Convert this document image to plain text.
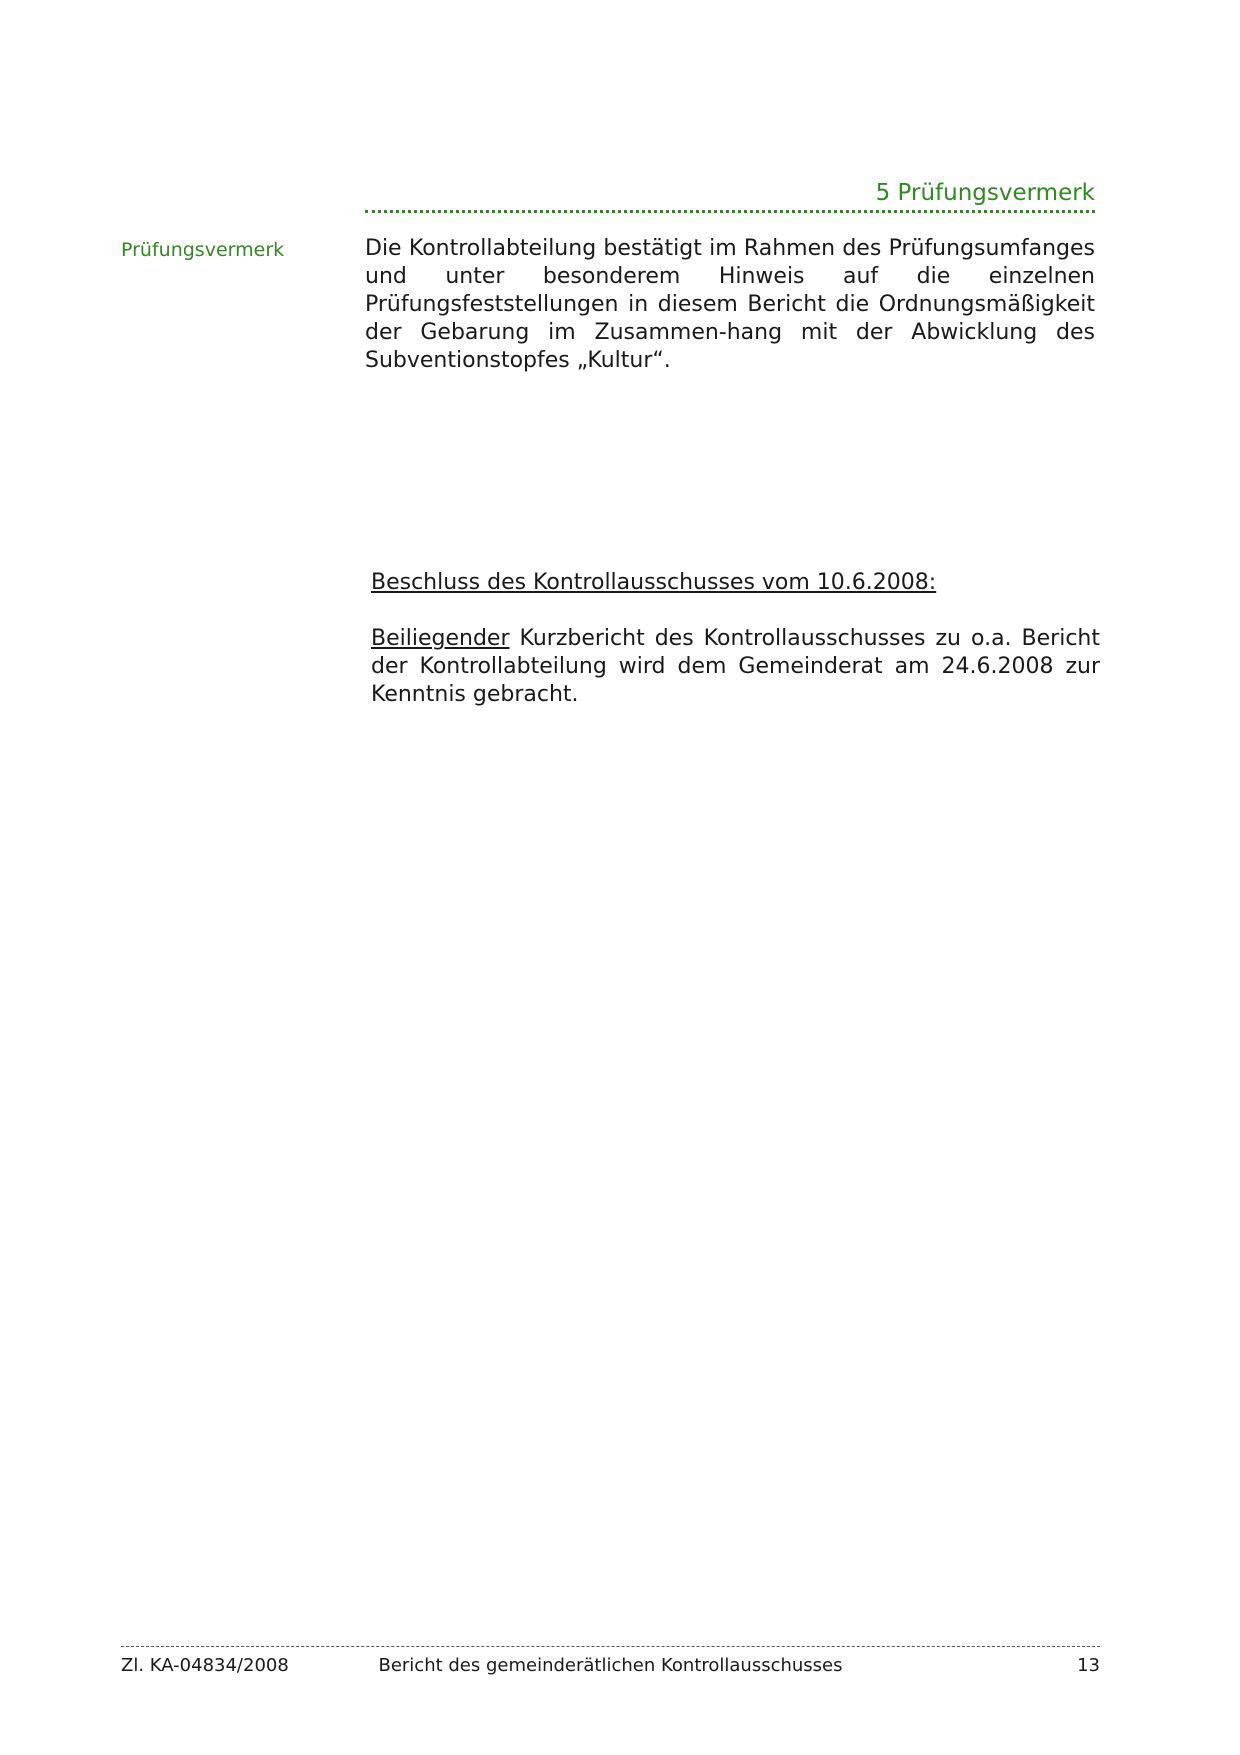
5 Prüfungsvermerk
Prüfungsvermerk	Die Kontrollabteilung bestätigt im Rahmen des Prüfungsumfanges und unter besonderem Hinweis auf die einzelnen Prüfungsfeststellungen in diesem Bericht die Ordnungsmäßigkeit der Gebarung im Zusammen-hang mit der Abwicklung des Subventionstopfes „Kultur“.

Beschluss des Kontrollausschusses vom 10.6.2008:

Beiliegender Kurzbericht des Kontrollausschusses zu o.a. Bericht der Kontrollabteilung wird dem Gemeinderat am 24.6.2008 zur Kenntnis gebracht.

Zl. KA-04834/2008	Bericht des gemeinderätlichen Kontrollausschusses	13
